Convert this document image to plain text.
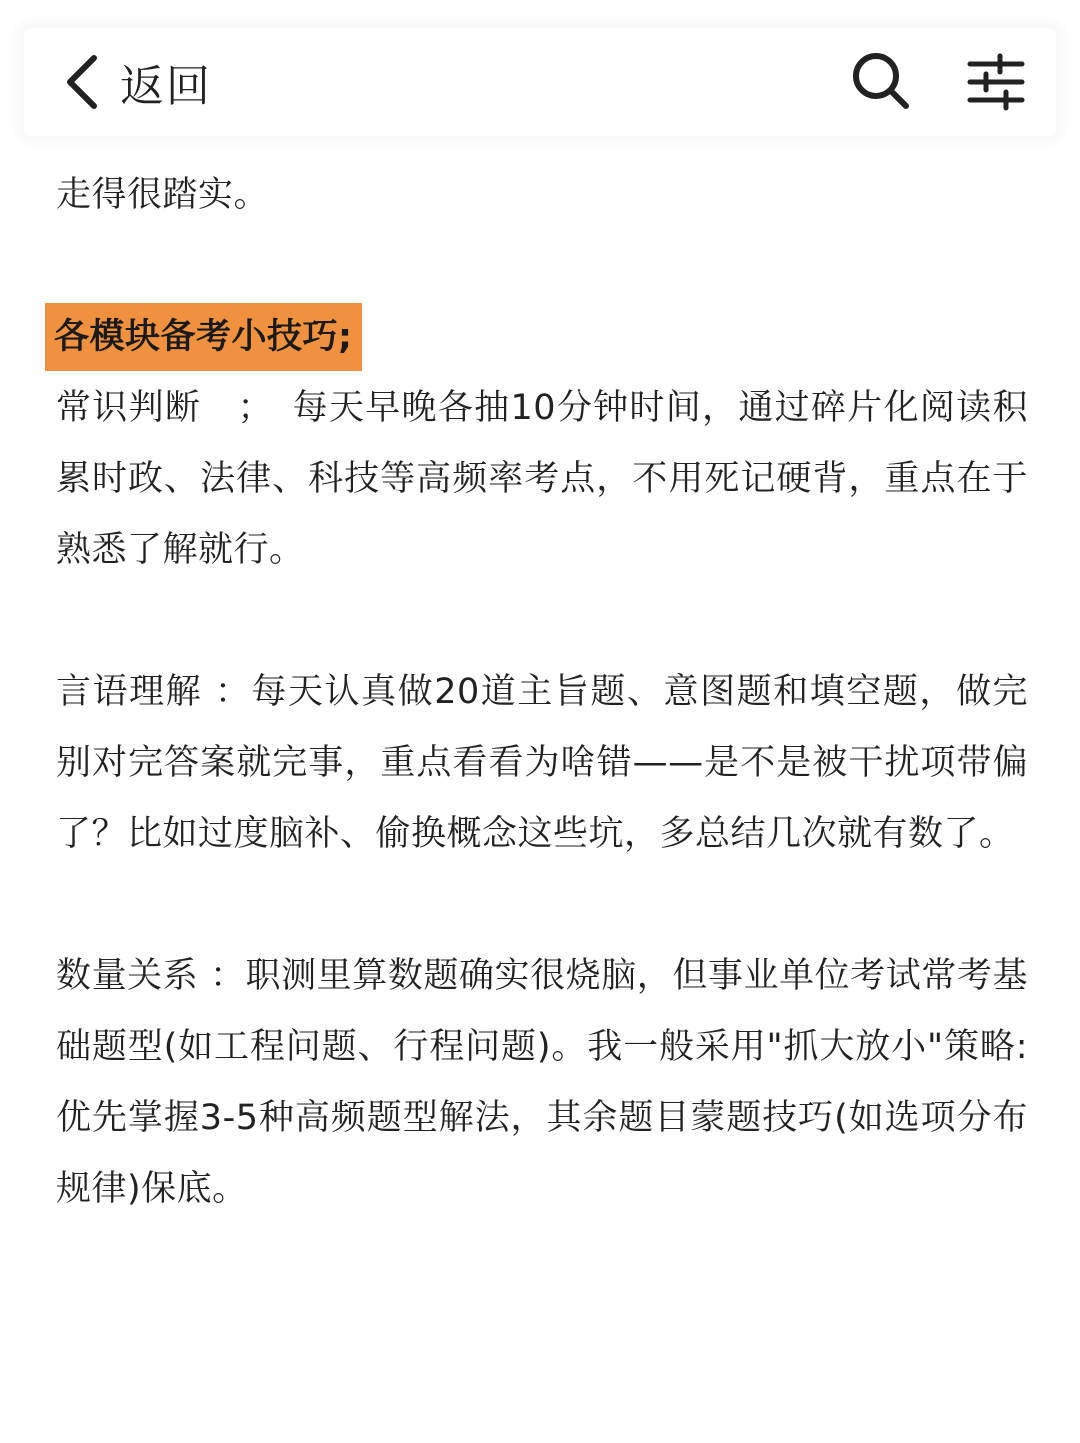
返回

走得很踏实。

各模块备考小技巧;

常识判断　；　每天早晚各抽10分钟时间，通过碎片化阅读积累时政、法律、科技等高频率考点，不用死记硬背，重点在于熟悉了解就行。

言语理解 ：每天认真做20道主旨题、意图题和填空题，做完别对完答案就完事，重点看看为啥错——是不是被干扰项带偏了？比如过度脑补、偷换概念这些坑，多总结几次就有数了。

数量关系 ：职测里算数题确实很烧脑，但事业单位考试常考基础题型(如工程问题、行程问题)。我一般采用"抓大放小"策略:优先掌握3-5种高频题型解法，其余题目蒙题技巧(如选项分布规律)保底。
